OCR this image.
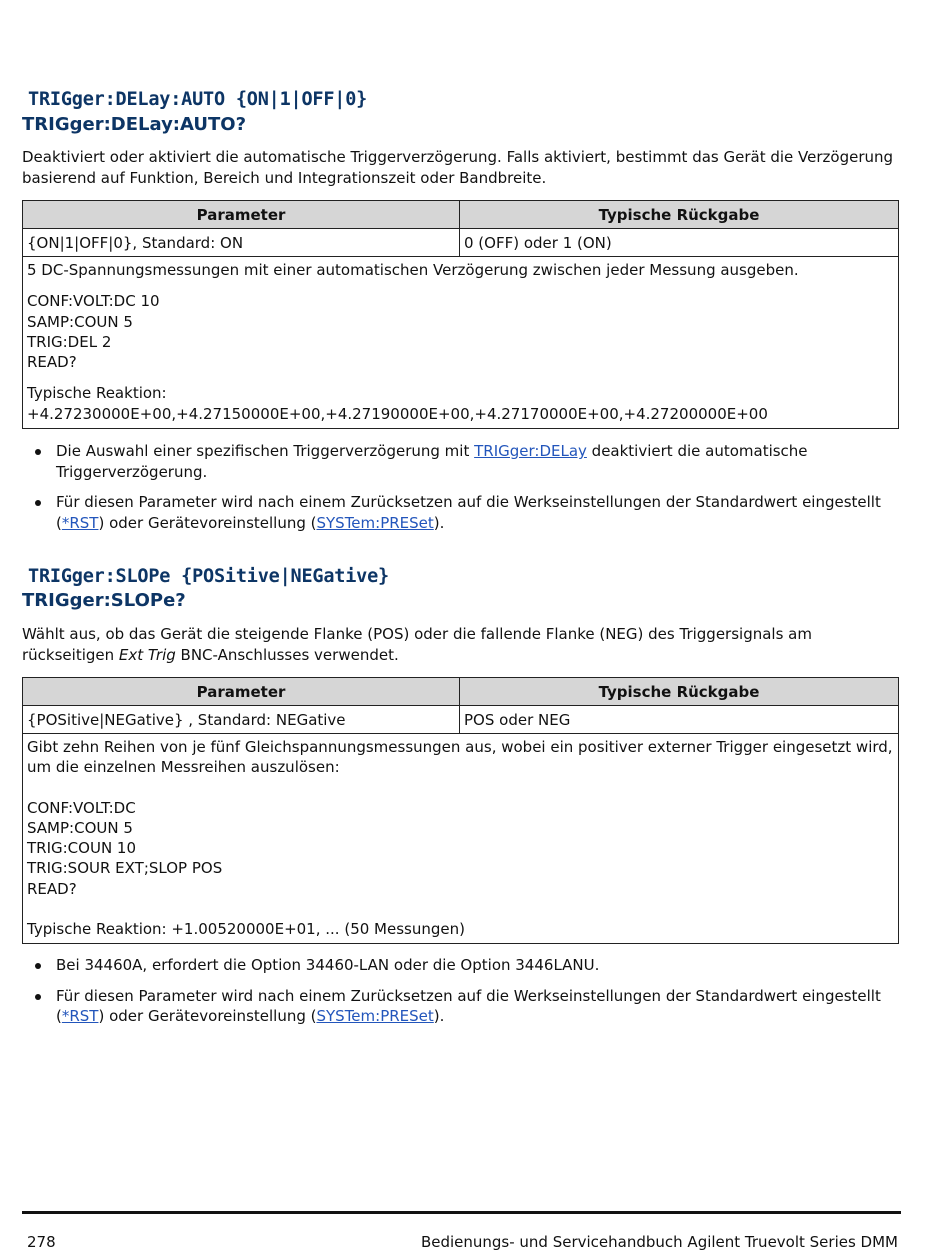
TRIGger:DELay:AUTO {ON|1|OFF|0}
TRIGger:DELay:AUTO?
Deaktiviert oder aktiviert die automatische Triggerverzögerung. Falls aktiviert, bestimmt das Gerät die Verzögerung basierend auf Funktion, Bereich und Integrationszeit oder Bandbreite.
Parameter	Typische Rückgabe
{ON|1|OFF|0}, Standard: ON	0 (OFF) oder 1 (ON)
5 DC-Spannungsmessungen mit einer automatischen Verzögerung zwischen jeder Messung ausgeben.
CONF:VOLT:DC 10
SAMP:COUN 5
TRIG:DEL 2
READ?
Typische Reaktion:
+4.27230000E+00,+4.27150000E+00,+4.27190000E+00,+4.27170000E+00,+4.27200000E+00
Die Auswahl einer spezifischen Triggerverzögerung mit TRIGger:DELay deaktiviert die automatische Triggerverzögerung.
Für diesen Parameter wird nach einem Zurücksetzen auf die Werkseinstellungen der Standardwert eingestellt (*RST) oder Gerätevoreinstellung (SYSTem:PRESet).
TRIGger:SLOPe {POSitive|NEGative}
TRIGger:SLOPe?
Wählt aus, ob das Gerät die steigende Flanke (POS) oder die fallende Flanke (NEG) des Triggersignals am rückseitigen Ext Trig BNC-Anschlusses verwendet.
Parameter	Typische Rückgabe
{POSitive|NEGative} , Standard: NEGative	POS oder NEG
Gibt zehn Reihen von je fünf Gleichspannungsmessungen aus, wobei ein positiver externer Trigger eingesetzt wird, um die einzelnen Messreihen auszulösen:
CONF:VOLT:DC
SAMP:COUN 5
TRIG:COUN 10
TRIG:SOUR EXT;SLOP POS
READ?
Typische Reaktion: +1.00520000E+01, ... (50 Messungen)
Bei 34460A, erfordert die Option 34460-LAN oder die Option 3446LANU.
Für diesen Parameter wird nach einem Zurücksetzen auf die Werkseinstellungen der Standardwert eingestellt (*RST) oder Gerätevoreinstellung (SYSTem:PRESet).
278	Bedienungs- und Servicehandbuch Agilent Truevolt Series DMM
